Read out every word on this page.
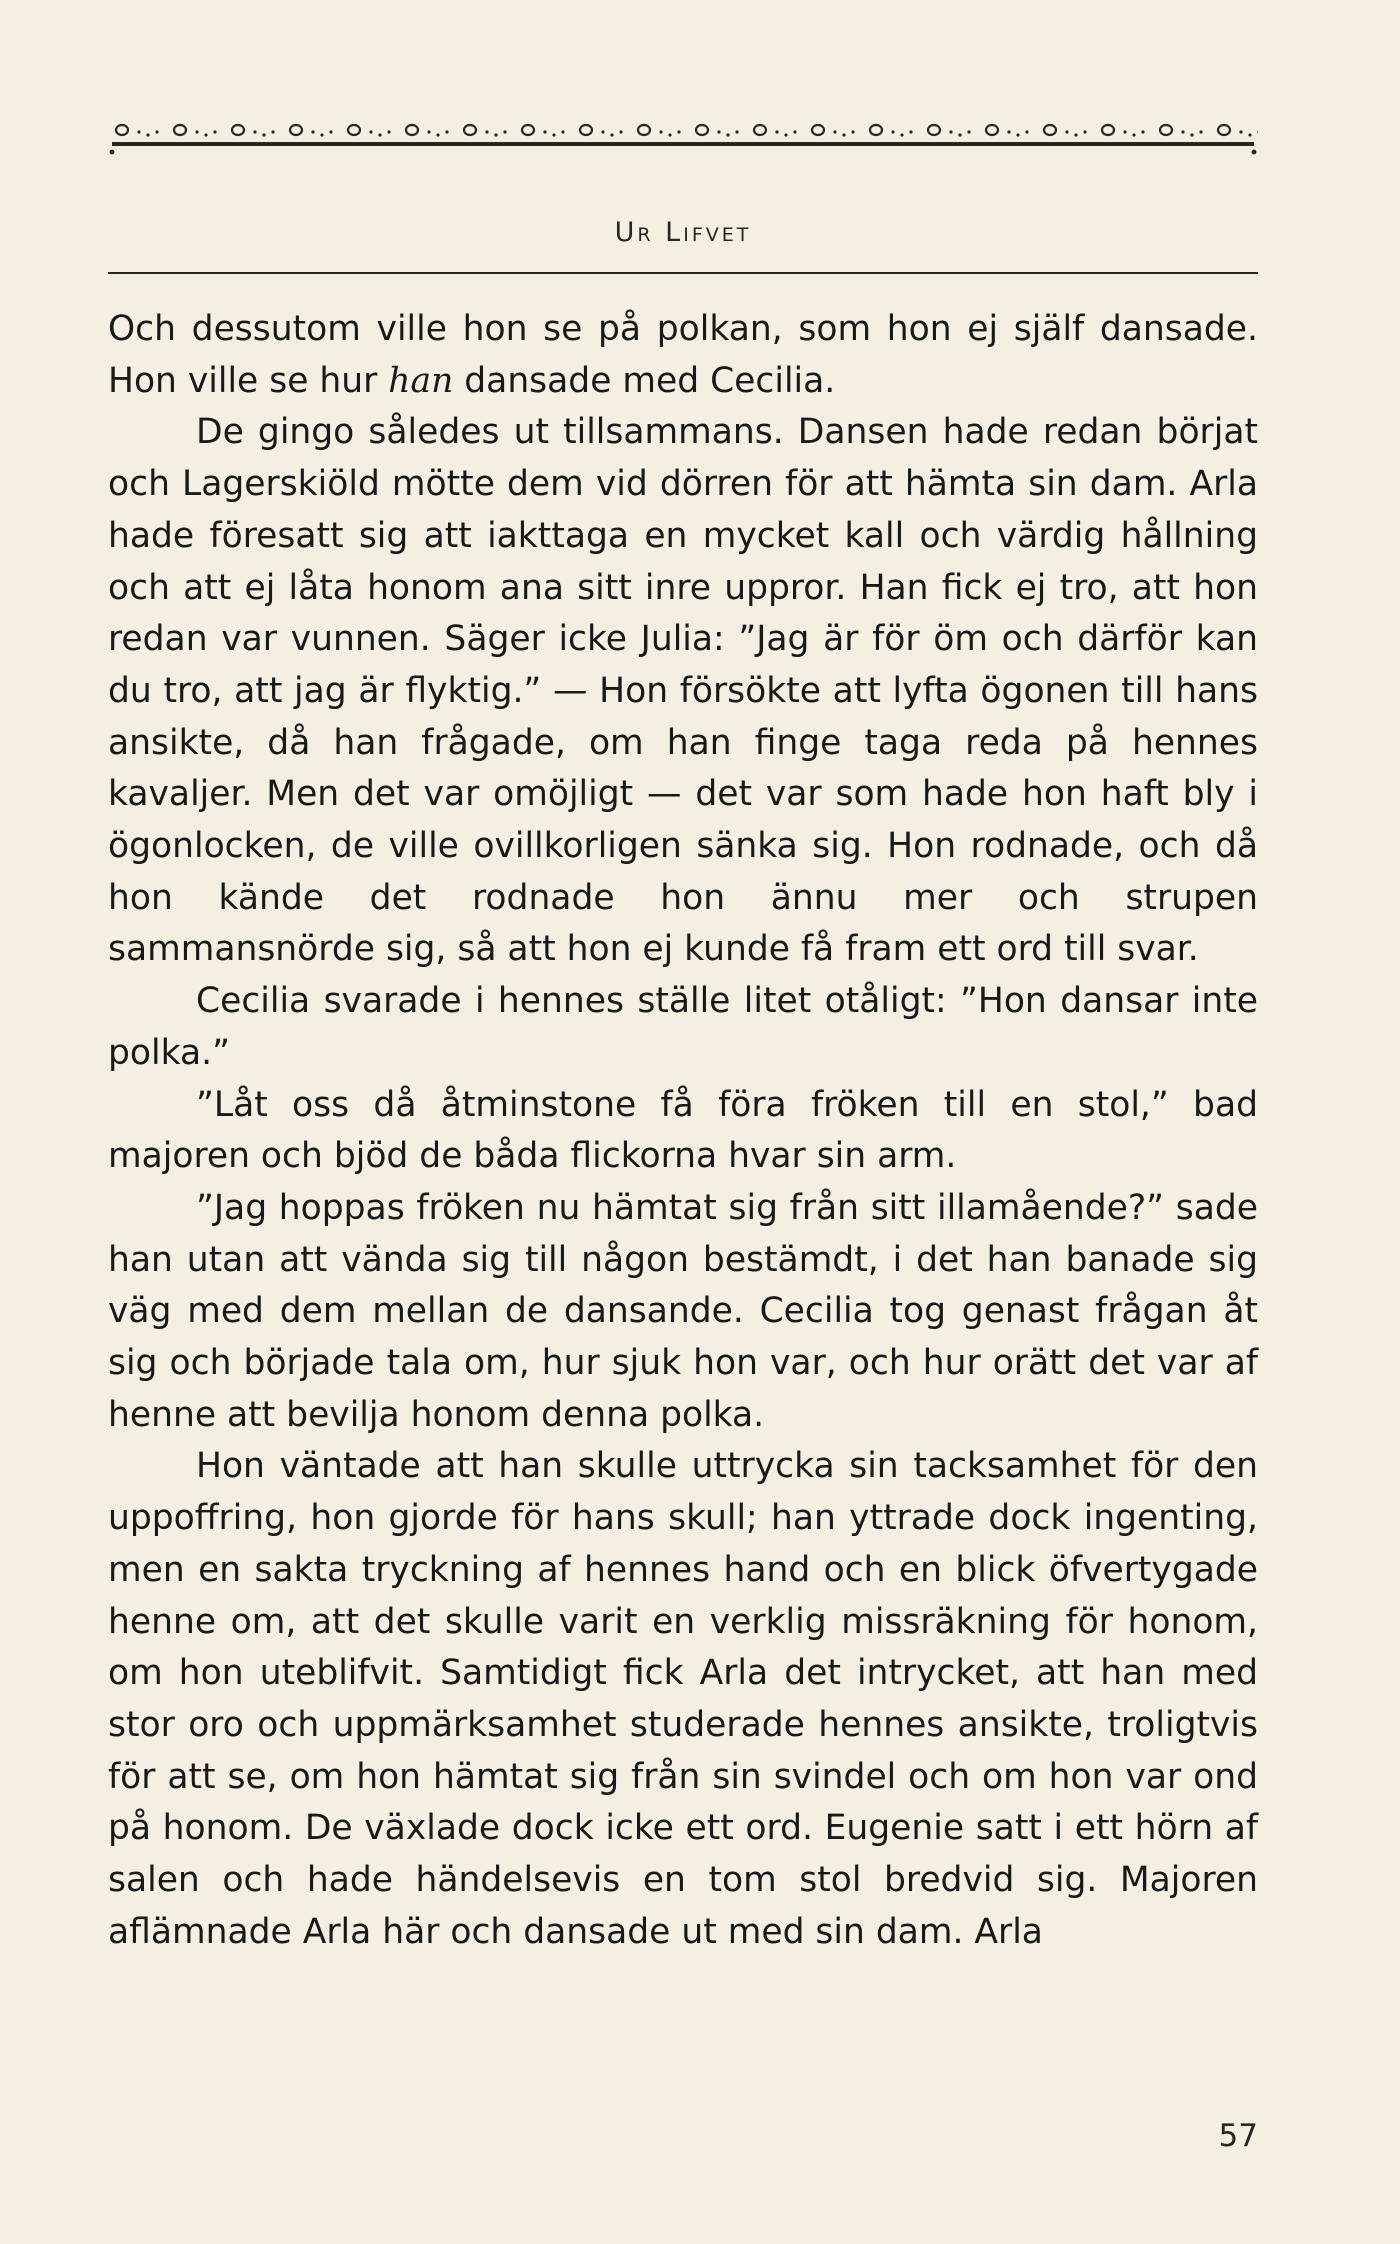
Ur Lifvet

Och dessutom ville hon se på polkan, som hon ej själf dansade. Hon ville se hur han dansade med Cecilia.

De gingo således ut tillsammans. Dansen hade redan börjat och Lagerskiöld mötte dem vid dörren för att hämta sin dam. Arla hade föresatt sig att iakttaga en mycket kall och värdig hållning och att ej låta honom ana sitt inre uppror. Han fick ej tro, att hon redan var vunnen. Säger icke Julia: ”Jag är för öm och därför kan du tro, att jag är flyktig.” — Hon försökte att lyfta ögonen till hans ansikte, då han frågade, om han finge taga reda på hennes kavaljer. Men det var omöjligt — det var som hade hon haft bly i ögonlocken, de ville ovillkorligen sänka sig. Hon rodnade, och då hon kände det rodnade hon ännu mer och strupen sammansnörde sig, så att hon ej kunde få fram ett ord till svar.

Cecilia svarade i hennes ställe litet otåligt: ”Hon dansar inte polka.”

”Låt oss då åtminstone få föra fröken till en stol,” bad majoren och bjöd de båda flickorna hvar sin arm.

”Jag hoppas fröken nu hämtat sig från sitt illamående?” sade han utan att vända sig till någon bestämdt, i det han banade sig väg med dem mellan de dansande. Cecilia tog genast frågan åt sig och började tala om, hur sjuk hon var, och hur orätt det var af henne att bevilja honom denna polka.

Hon väntade att han skulle uttrycka sin tacksamhet för den uppoffring, hon gjorde för hans skull; han yttrade dock ingenting, men en sakta tryckning af hennes hand och en blick öfvertygade henne om, att det skulle varit en verklig missräkning för honom, om hon uteblifvit. Samtidigt fick Arla det intrycket, att han med stor oro och uppmärksamhet studerade hennes ansikte, troligtvis för att se, om hon hämtat sig från sin svindel och om hon var ond på honom. De växlade dock icke ett ord. Eugenie satt i ett hörn af salen och hade händelsevis en tom stol bredvid sig. Majoren aflämnade Arla här och dansade ut med sin dam. Arla

57
